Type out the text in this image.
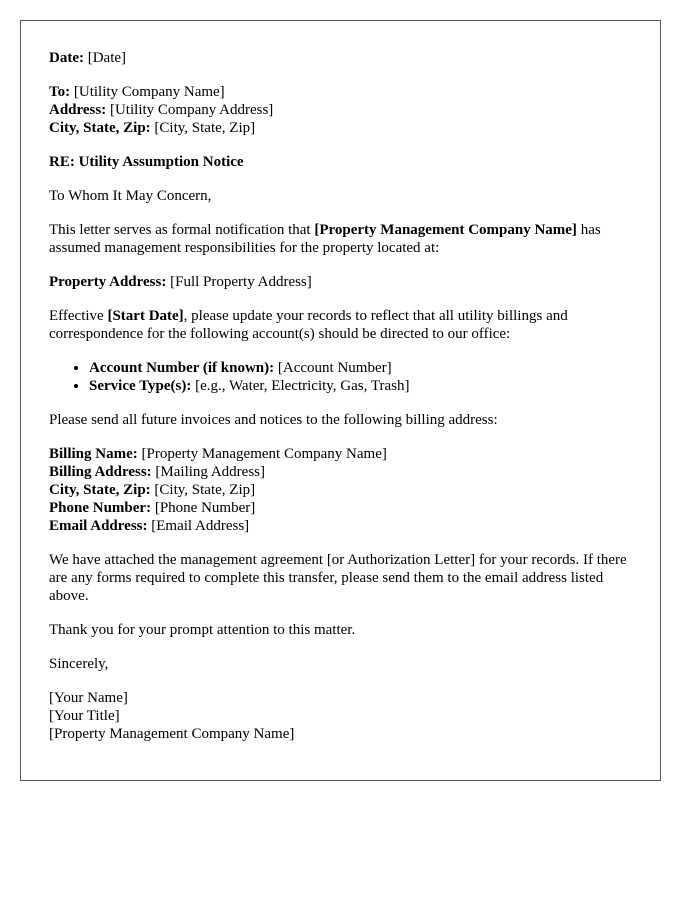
Date: [Date]

To: [Utility Company Name]
Address: [Utility Company Address]
City, State, Zip: [City, State, Zip]

RE: Utility Assumption Notice

To Whom It May Concern,

This letter serves as formal notification that [Property Management Company Name] has assumed management responsibilities for the property located at:

Property Address: [Full Property Address]

Effective [Start Date], please update your records to reflect that all utility billings and correspondence for the following account(s) should be directed to our office:

• Account Number (if known): [Account Number]
• Service Type(s): [e.g., Water, Electricity, Gas, Trash]

Please send all future invoices and notices to the following billing address:

Billing Name: [Property Management Company Name]
Billing Address: [Mailing Address]
City, State, Zip: [City, State, Zip]
Phone Number: [Phone Number]
Email Address: [Email Address]

We have attached the management agreement [or Authorization Letter] for your records. If there are any forms required to complete this transfer, please send them to the email address listed above.

Thank you for your prompt attention to this matter.

Sincerely,

[Your Name]
[Your Title]
[Property Management Company Name]
